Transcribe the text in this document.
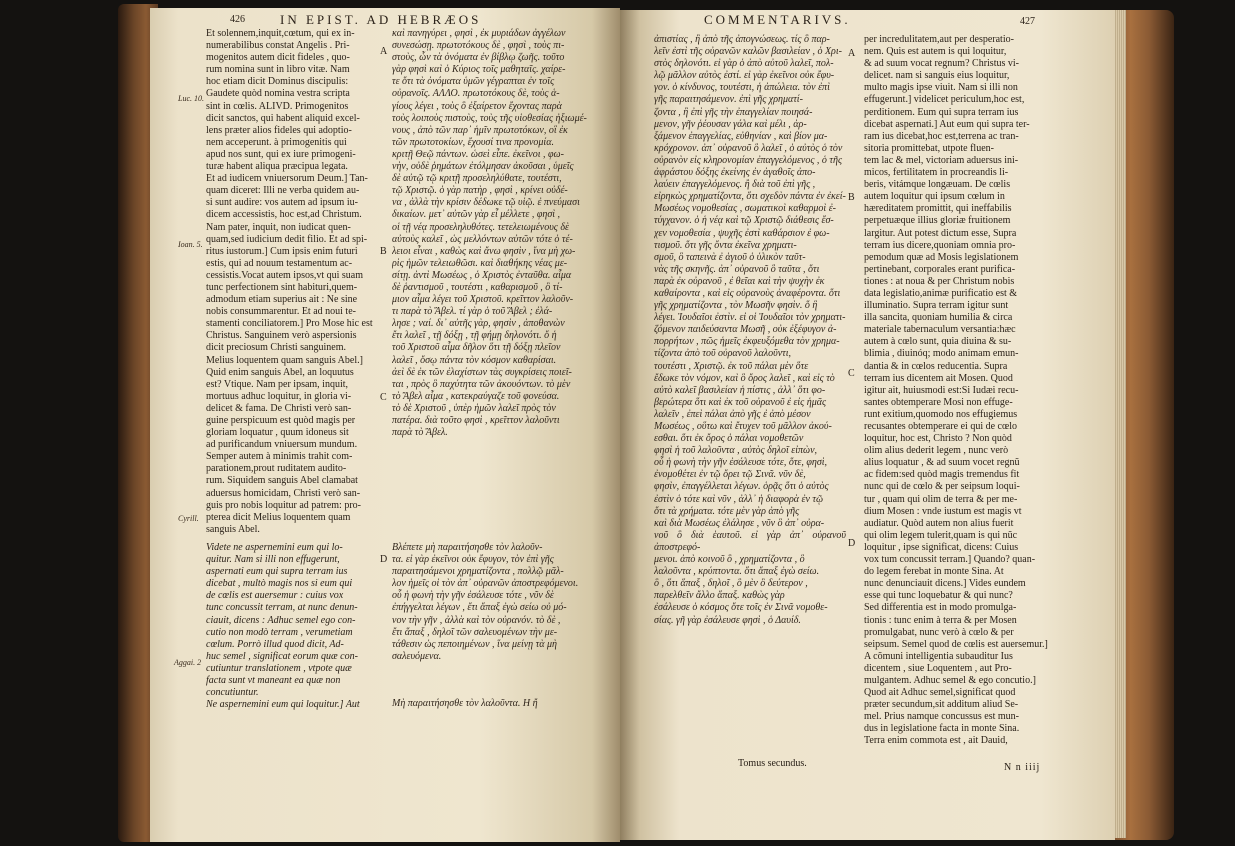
426	IN EPIST. AD HEBRÆOS
Luc. 10.
Ioan. 5.
Cyrill.
Aggai. 2

Et solennem,inquit,cœtum, qui ex in-

numerabilibus constat Angelis . Pri-

mogenitos autem dicit fideles , quo-

rum nomina sunt in libro vitæ. Nam

hoc etiam dicit Dominus discipulis:

Gaudete quòd nomina vestra scripta

sint in cœlis. ALIVD. Primogenitos

dicit sanctos, qui habent aliquid excel-

lens præter alios fideles qui adoptio-

nem acceperunt. à primogenitis qui

apud nos sunt, qui ex iure primogeni-

turæ habent aliqua præcipua legata.

Et ad iudicem vniuersorum Deum.] Tan-

quam diceret: Illi ne verba quidem au-

si sunt audire: vos autem ad ipsum iu-

dicem accessistis, hoc est,ad Christum.

Nam pater, inquit, non iudicat quen-

quam,sed iudicium dedit filio. Et ad spi-

ritus iustorum.] Cum ipsis enim futuri

estis, qui ad nouum testamentum ac-

cessistis.Vocat autem ipsos,vt qui suam

tunc perfectionem sint habituri,quem-

admodum etiam superius ait : Ne sine

nobis consummarentur. Et ad noui te-

stamenti conciliatorem.] Pro Mose hic est

Christus. Sanguinem verò aspersionis

dicit preciosum Christi sanguinem.

Melius loquentem quam sanguis Abel.]

Quid enim sanguis Abel, an loquutus

est? Vtique. Nam per ipsam, inquit,

mortuus adhuc loquitur, in gloria vi-

delicet & fama. De Christi verò san-

guine perspicuum est quòd magis per

gloriam loquatur , quum idoneus sit

ad purificandum vniuersum mundum.

Semper autem à minimis trahit com-

parationem,prout ruditatem audito-

rum. Siquidem sanguis Abel clamabat

aduersus homicidam, Christi verò san-

guis pro nobis loquitur ad patrem: pro-

pterea dicit Melius loquentem quam

sanguis Abel.

Videte ne aspernemini eum qui lo-

quitur. Nam si illi non effugerunt,

aspernati eum qui supra terram ius

dicebat , multò magis nos si eum qui

de cœlis est auersemur : cuius vox

tunc concussit terram, at nunc denun-

ciauit, dicens : Adhuc semel ego con-

cutio non modò terram , verumetiam

cœlum. Porrò illud quod dicit, Ad-

huc semel , significat eorum quæ con-

cutiuntur translationem , vtpote quæ

facta sunt vt maneant ea quæ non

concutiuntur.

Ne aspernemini eum qui loquitur.] Aut

A
B
C
D

καὶ πανηγύρει , φησὶ , ἐκ μυριάδων ἀγγέλων

συνεσώσῃ. πρωτοτόκους δὲ , φησὶ , τοὺς πι-

στοὺς, ὧν τὰ ὀνόματα ἐν βίβλῳ ζωῆς. τοῦτο

γὰρ φησὶ καὶ ὁ Κύριος τοῖς μαθηταῖς. χαίρε-

τε ὅτι τὰ ὀνόματα ὑμῶν γέγραπται ἐν τοῖς

οὐρανοῖς. ΑΛΛΟ. πρωτοτόκους δὲ, τοὺς ἁ-

γίους λέγει , τοὺς ὃ ἐξαίρετον ἔχοντας παρὰ

τοὺς λοιποὺς πιστοὺς, τοὺς τῆς υἱοθεσίας ἠξιωμέ-

νους , ἀπὸ τῶν παρ᾽ ἡμῖν πρωτοτόκων, οἳ ἐκ

τῶν πρωτοτοκίων, ἔχουσί τινα προνομία.

κριτῇ Θεῷ πάντων. ὡσεὶ εἶπε. ἐκεῖνοι , φω-

νὴν, οὐδὲ ῥημάτων ἐτόλμησαν ἀκοῦσαι , ὑμεῖς

δὲ αὐτῷ τῷ κριτῇ προσεληλύθατε, τουτέστι,

τῷ Χριστῷ. ὁ γὰρ πατὴρ , φησὶ , κρίνει οὐδέ-

να , ἀλλὰ τὴν κρίσιν δέδωκε τῷ υἱῷ. ἐ πνεύμασι

δικαίων. μετ᾽ αὐτῶν γὰρ εἶ μέλλετε , φησὶ ,

οἱ τῇ νέᾳ προσεληλυθότες. τετελειωμένους δὲ

αὐτοὺς καλεῖ , ὡς μελλόντων αὐτῶν τότε ὁ τέ-

λειοι εἶναι , καθὼς καὶ ἄνω φησὶν , ἵνα μὴ χω-

ρὶς ἡμῶν τελειωθῶσι. καὶ διαθήκης νέας με-

σίτῃ. ἀντὶ Μωσέως , ὁ Χριστὸς ἐνταῦθα. αἷμα

δὲ ῥαντισμοῦ , τουτέστι , καθαρισμοῦ , ὃ τί-

μιον αἷμα λέγει τοῦ Χριστοῦ. κρεῖττον λαλοῦν-

τι παρὰ τὸ Ἄβελ. τί γὰρ ὁ τοῦ Ἄβελ ; ἐλά-

λησε ; ναί. δι᾽ αὐτῆς γὰρ, φησὶν , ἀποθανὼν

ἔτι λαλεῖ , τῇ δόξῃ , τῇ φήμῃ δηλονότι. ὅ ἡ

τοῦ Χριστοῦ αἷμα δῆλον ὅτι τῇ δόξῃ πλεῖον

λαλεῖ , ὅσῳ πάντα τὸν κόσμον καθαρίσαι.

ἀεὶ δὲ ἐκ τῶν ἐλαχίστων τὰς συγκρίσεις ποιεῖ-

ται , πρὸς ὃ παχύτητα τῶν ἀκουόντων. τὸ μὲν

τὸ Ἄβελ αἷμα , κατεκραύγαζε τοῦ φονεύσα.

τὸ δὲ Χριστοῦ , ὑπὲρ ἡμῶν λαλεῖ πρὸς τὸν

πατέρα. διὰ τοῦτο φησὶ , κρεῖττον λαλοῦντι

παρὰ τὸ Ἄβελ.

Βλέπετε μὴ παραιτήσησθε τὸν λαλοῦν-

τα. εἰ γὰρ ἐκεῖνοι οὐκ ἔφυγον, τὸν ἐπὶ γῆς

παραιτησάμενοι χρηματίζοντα , πολλῷ μᾶλ-

λον ἡμεῖς οἱ τὸν ἀπ᾽ οὐρανῶν ἀποστρεφόμενοι.

οὗ ἡ φωνὴ τὴν γῆν ἐσάλευσε τότε , νῦν δὲ

ἐπήγγελται λέγων , ἔτι ἅπαξ ἐγὼ σείω οὐ μό-

νον τὴν γῆν , ἀλλὰ καὶ τὸν οὐρανόν. τὸ δὲ ,

ἔτι ἅπαξ , δηλοῖ τῶν σαλευομένων τὴν με-

τάθεσιν ὡς πεποιημένων , ἵνα μείνῃ τὰ μὴ

σαλευόμενα.

Μὴ παραιτήσησθε τὸν λαλοῦντα. Η ἤ
COMMENTARIVS.	427

ἀπιστίας , ἢ ἀπὸ τῆς ἀπογνώσεως. τίς ὃ παρ-

λεῖν ἐστὶ τῆς οὐρανῶν καλῶν βασιλείαν , ὁ Χρι-

στὸς δηλονότι. εἰ γὰρ ὁ ἀπὸ αὐτοῦ λαλεῖ, πολ-

λῷ μᾶλλον αὐτὸς ἐστί. εἰ γὰρ ἐκεῖνοι οὐκ ἔφυ-

γον. ὁ κίνδυνος, τουτέστι, ἡ ἀπώλεια. τὸν ἐπὶ

γῆς παραιτησάμενον. ἐπὶ γῆς χρηματί-

ζοντα , ἢ ἐπὶ γῆς τὴν ἐπαγγελίαν ποιησά-

μενον, γῆν ῥέουσαν γάλα καὶ μέλι , ἀρ-

ξάμενον ἐπαγγελίας, εὐθηνίαν , καὶ βίον μα-

κρόχρονον. ἀπ᾽ οὐρανοῦ ὃ λαλεῖ , ὁ αὐτὸς ὁ τὸν

οὐρανὸν εἰς κληρονομίαν ἐπαγγελόμενος , ὁ τῆς

ἀφράστου δόξης ἐκείνης ἐν ἀγαθοῖς ἀπο-

λαύειν ἐπαγγελόμενος. ἢ διὰ τοῦ ἐπὶ γῆς ,

εἰρηκὼς χρηματίζοντα, ὅτι σχεδὸν πάντα ἐν ἐκεί-

Μωσέως νομοθεσίας , σωματικοὶ καθαρμοὶ ἐ-

τύγχανον. ὁ ἡ νέᾳ καὶ τῷ Χριστῷ διάθεσις ἔσ-

χεν νομοθεσία , ψυχῆς ἐστὶ καθάρσιον ἐ φω-

τισμοῦ. ὅτι γῆς ὄντα ἐκεῖνα χρηματι-

σμοῦ, ὃ ταπεινὰ ἐ ἁγιοῦ ὁ ὑλικὸν ταῦτ-

νὰς τῆς σκηνῆς. ἀπ᾽ οὐρανοῦ ὃ ταῦτα , ὅτι

παρὰ ἐκ οὐρανοῦ , ἐ θεῖαι καὶ τὴν ψυχὴν ἐκ

καθαίροντα , καὶ εἰς οὐρανοὺς ἀναφέροντα. ὅτι

γῆς χρηματίζοντα , τὸν Μωσῆν φησὶν. ὅ ἣ

λέγει. Ἰουδαῖοι ἐστὶν. εἰ οἱ Ἰουδαῖοι τὸν χρηματι-

ζόμενον παιδεύσαντα Μωσῆ , οὐκ ἐξέφυγον ἀ-

πορρήτων , πῶς ἡμεῖς ἐκφευξόμεθα τὸν χρημα-

τίζοντα ἀπὸ τοῦ οὐρανοῦ λαλοῦντι,

τουτέστι , Χριστῷ. ἐκ τοῦ πάλαι μὲν ὅτε

ἔδωκε τὸν νόμον, καὶ ὃ ὄρος λαλεῖ , καὶ εἰς τὸ

αὐτὸ καλεῖ βασιλείαν ἡ πίστις , ἀλλ᾽ ὅτι φο-

βερώτερα ὅτι καὶ ἐκ τοῦ οὐρανοῦ ἐ εἰς ἡμᾶς

λαλεῖν , ἐπεὶ πάλαι ἀπὸ γῆς ἐ ἀπὸ μέσον

Μωσέως , οὕτω καὶ ἔτυχεν τοῦ μᾶλλον ἀκού-

εσθαι. ὅτι ἐκ ὄρος ὁ πάλαι νομοθετῶν

φησὶ ἡ τοῦ λαλοῦντα , αὐτὸς δηλοῖ εἰπὼν,

οὗ ἡ φωνὴ τὴν γῆν ἐσάλευσε τότε, ὅτε, φησὶ,

ἐνομοθέτει ἐν τῷ ὄρει τῷ Σινᾶ. νῦν δὲ,

φησὶν, ἐπαγγέλλεται λέγων. ὁρᾷς ὅτι ὁ αὐτὸς

ἐστὶν ὁ τότε καὶ νῦν , ἀλλ᾽ ἡ διαφορὰ ἐν τῷ

ὅτι τὰ χρήματα. τότε μὲν γὰρ ἀπὸ γῆς

καὶ διὰ Μωσέως ἐλάλησε , νῦν ὃ ἀπ᾽ οὐρα-

νοῦ ὃ διὰ ἑαυτοῦ. εἰ γὰρ ἀπ᾽ οὐρανοῦ ἀποστρεφό-

μενοι. ἀπὸ κοινοῦ ὃ , χρηματίζοντα , ὃ

λαλοῦντα , κρύπτοντα. ὅτι ἅπαξ ἐγὼ σείω.

ὃ , ὅτι ἅπαξ , δηλοῖ , ὃ μὲν ὃ δεύτερον ,

παρελθεῖν ἄλλο ἅπαξ. καθὼς γὰρ

ἐσάλευσε ὁ κόσμος ὅτε τοῖς ἐν Σινᾶ νομοθε-

σίας. γῆ γὰρ ἐσάλευσε φησὶ , ὁ Δαυίδ.

A
B
C
D

per incredulitatem,aut per desperatio-

nem. Quis est autem is qui loquitur,

& ad suum vocat regnum? Christus vi-

delicet. nam si sanguis eius loquitur,

multo magis ipse viuit. Nam si illi non

effugerunt.] videlicet periculum,hoc est,

perditionem. Eum qui supra terram ius

dicebat aspernati.] Aut eum qui supra ter-

ram ius dicebat,hoc est,terrena ac tran-

sitoria promittebat, utpote fluen-

tem lac & mel, victoriam aduersus ini-

micos, fertilitatem in procreandis li-

beris, vitámque longæuam. De cœlis

autem loquitur qui ipsum cœlum in

hæreditatem promittit, qui ineffabilis

perpetuæque illius gloriæ fruitionem

largitur. Aut potest dictum esse, Supra

terram ius dicere,quoniam omnia pro-

pemodum quæ ad Mosis legislationem

pertinebant, corporales erant purifica-

tiones : at noua & per Christum nobis

data legislatio,animæ purificatio est &

illuminatio. Supra terram igitur sunt

illa sancita, quoniam humilia & circa

materiale tabernaculum versantia:hæc

autem à cœlo sunt, quia diuina & su-

blimia , diuinóq; modo animam emun-

dantia & in cœlos reducentia. Supra

terram ius dicentem ait Mosen. Quod

igitur ait, huiusmodi est:Si Iudæi recu-

santes obtemperare Mosi non effuge-

runt exitium,quomodo nos effugiemus

recusantes obtemperare ei qui de cœlo

loquitur, hoc est, Christo ? Non quòd

olim alius dederit legem , nunc verò

alius loquatur , & ad suum vocet regnũ

ac fidem:sed quòd magis tremendus fit

nunc qui de cœlo & per seipsum loqui-

tur , quam qui olim de terra & per me-

dium Mosen : vnde iustum est magis vt

audiatur. Quòd autem non alius fuerit

qui olim legem tulerit,quam is qui nũc

loquitur , ipse significat, dicens: Cuius

vox tum concussit terram.] Quando? quan-

do legem ferebat in monte Sina. At

nunc denunciauit dicens.] Vides eundem

esse qui tunc loquebatur & qui nunc?

Sed differentia est in modo promulga-

tionis : tunc enim à terra & per Mosen

promulgabat, nunc verò à cœlo & per

seipsum. Semel quod de cœlis est auersemur.]

A cõmuni intelligentia subauditur Ius

dicentem , siue Loquentem , aut Pro-

mulgantem. Adhuc semel & ego concutio.]

Quod ait Adhuc semel,significat quod

præter secundum,sit additum aliud Se-

mel. Prius namque concussus est mun-

dus in legislatione facta in monte Sina.

Terra enim commota est , ait Dauid,

Tomus secundus.	N n iiij
